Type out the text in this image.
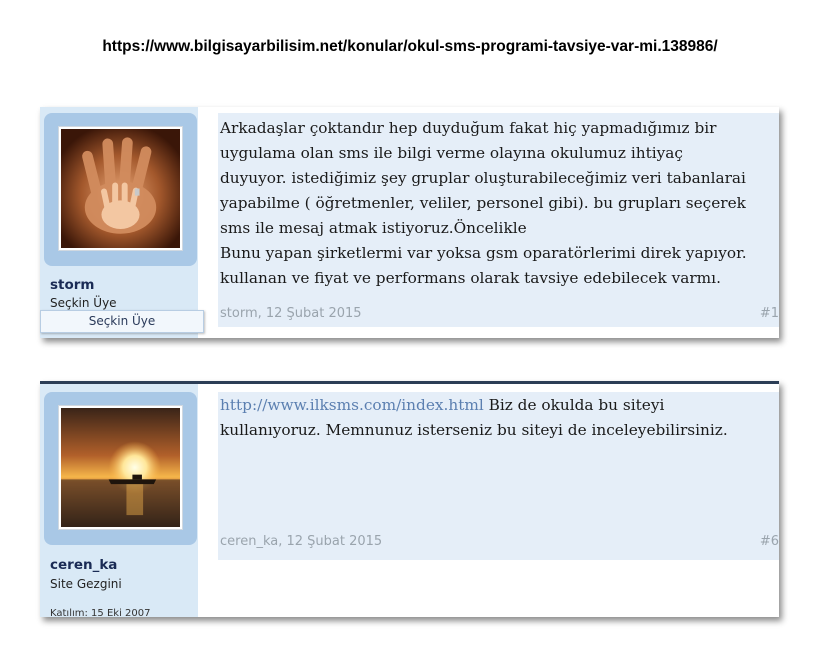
https://www.bilgisayarbilisim.net/konular/okul-sms-programi-tavsiye-var-mi.138986/
storm
Seçkin Üye
Seçkin Üye
Arkadaşlar çoktandır hep duyduğum fakat hiç yapmadığımız bir
uygulama olan sms ile bilgi verme olayına okulumuz ihtiyaç
duyuyor. istediğimiz şey gruplar oluşturabileceğimiz veri tabanlarai
yapabilme ( öğretmenler, veliler, personel gibi). bu grupları seçerek
sms ile mesaj atmak istiyoruz.Öncelikle
Bunu yapan şirketlermi var yoksa gsm oparatörlerimi direk yapıyor.
kullanan ve fiyat ve performans olarak tavsiye edebilecek varmı.
storm, 12 Şubat 2015	#1
ceren_ka
Site Gezgini
Katılım: 15 Eki 2007
http://www.ilksms.com/index.html Biz de okulda bu siteyi
kullanıyoruz. Memnunuz isterseniz bu siteyi de inceleyebilirsiniz.
ceren_ka, 12 Şubat 2015	#6
